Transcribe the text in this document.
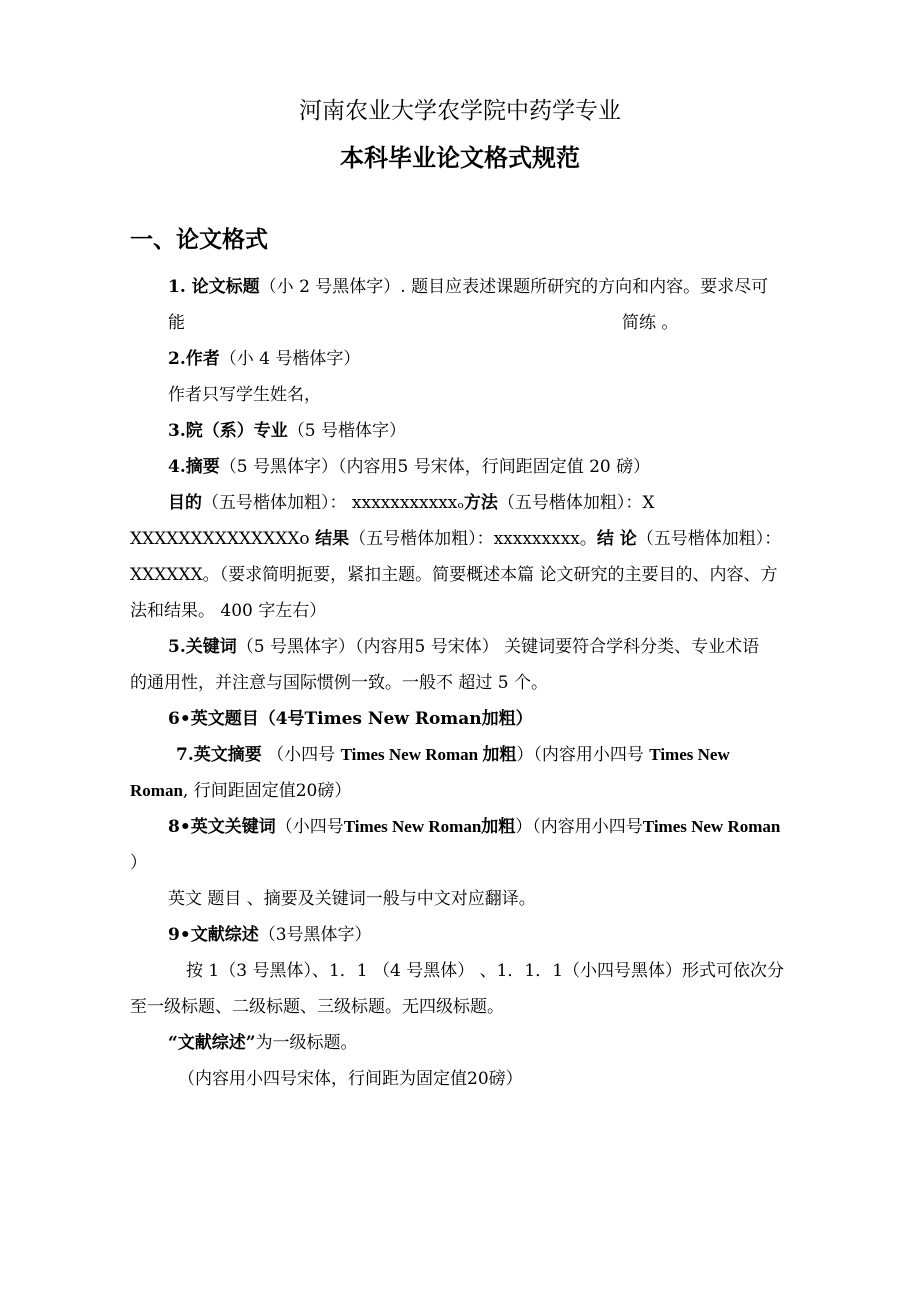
河南农业大学农学院中药学专业
本科毕业论文格式规范
一、论文格式
1. 论文标题（小 2 号黑体字）. 题目应表述课题所研究的方向和内容。要求尽可
能	简练 。
2.作者（小 4 号楷体字）
作者只写学生姓名，
3.院（系）专业（5 号楷体字）
4.摘要（5 号黑体字）（内容用5 号宋体，行间距固定值 20 磅）
目的（五号楷体加粗）： xxxxxxxxxxxₒ方法（五号楷体加粗）：X
XXXXXXXXXXXXXXo 结果（五号楷体加粗）：xxxxxxxxx。结 论（五号楷体加粗）：
XXXXXX。（要求简明扼要，紧扣主题。简要概述本篇 论文研究的主要目的、内容、方
法和结果。 400 字左右）
5.关键词（5 号黑体字）（内容用5 号宋体） 关键词要符合学科分类、专业术语
的通用性，并注意与国际惯例一致。一般不 超过 5 个。
6•英文题目（4号Times New Roman加粗）
7.英文摘要 （小四号 Times New Roman 加粗）（内容用小四号 Times New
Roman, 行间距固定值20磅）
8•英文关键词（小四号Times New Roman加粗）（内容用小四号Times New Roman
）
英文 题目 、摘要及关键词一般与中文对应翻译。
9•文献综述（3号黑体字）
按 1（3 号黑体）、1．1 （4 号黑体） 、1．1．1（小四号黑体）形式可依次分
至一级标题、二级标题、三级标题。无四级标题。
“文献综述”为一级标题。
（内容用小四号宋体，行间距为固定值20磅）
